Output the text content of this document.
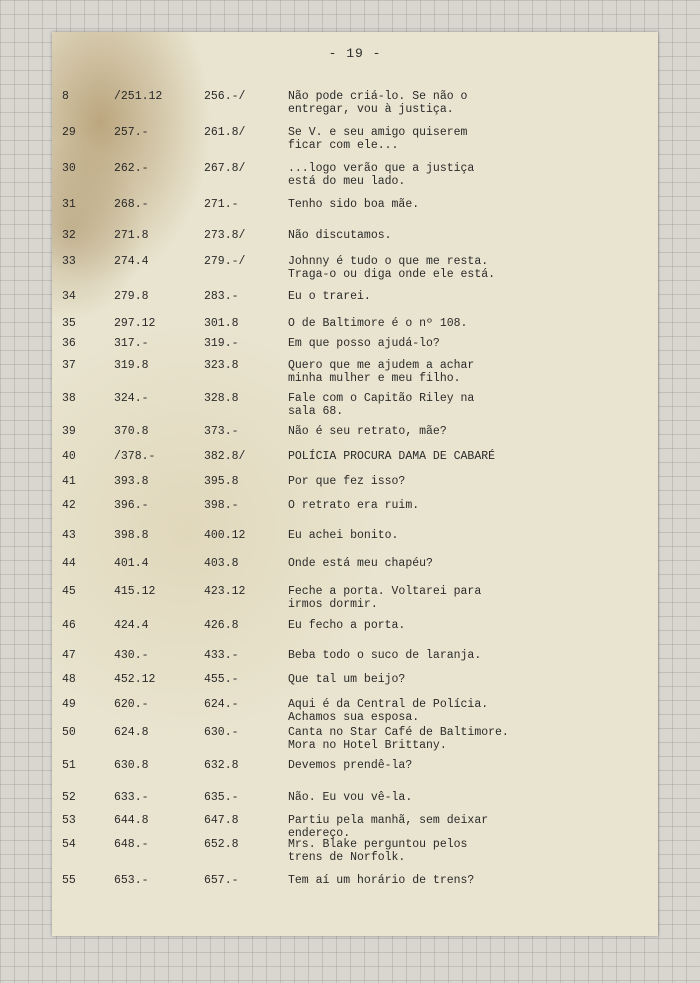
- 19 -
8	/251.12	256.-/	Não pode criá-lo. Se não o
entregar, vou à justiça.
29	257.-	261.8/	Se V. e seu amigo quiserem
ficar com ele...
30	262.-	267.8/	...logo verão que a justiça
está do meu lado.
31	268.-	271.-	Tenho sido boa mãe.
32	271.8	273.8/	Não discutamos.
33	274.4	279.-/	Johnny é tudo o que me resta.
Traga-o ou diga onde ele está.
34	279.8	283.-	Eu o trarei.
35	297.12	301.8	O de Baltimore é o nº 108.
36	317.-	319.-	Em que posso ajudá-lo?
37	319.8	323.8	Quero que me ajudem a achar
minha mulher e meu filho.
38	324.-	328.8	Fale com o Capitão Riley na
sala 68.
39	370.8	373.-	Não é seu retrato, mãe?
40	/378.-	382.8/	POLÍCIA PROCURA DAMA DE CABARÉ
41	393.8	395.8	Por que fez isso?
42	396.-	398.-	O retrato era ruim.
43	398.8	400.12	Eu achei bonito.
44	401.4	403.8	Onde está meu chapéu?
45	415.12	423.12	Feche a porta. Voltarei para
irmos dormir.
46	424.4	426.8	Eu fecho a porta.
47	430.-	433.-	Beba todo o suco de laranja.
48	452.12	455.-	Que tal um beijo?
49	620.-	624.-	Aqui é da Central de Polícia.
Achamos sua esposa.
50	624.8	630.-	Canta no Star Café de Baltimore.
Mora no Hotel Brittany.
51	630.8	632.8	Devemos prendê-la?
52	633.-	635.-	Não. Eu vou vê-la.
53	644.8	647.8	Partiu pela manhã, sem deixar
endereço.
54	648.-	652.8	Mrs. Blake perguntou pelos
trens de Norfolk.
55	653.-	657.-	Tem aí um horário de trens?
